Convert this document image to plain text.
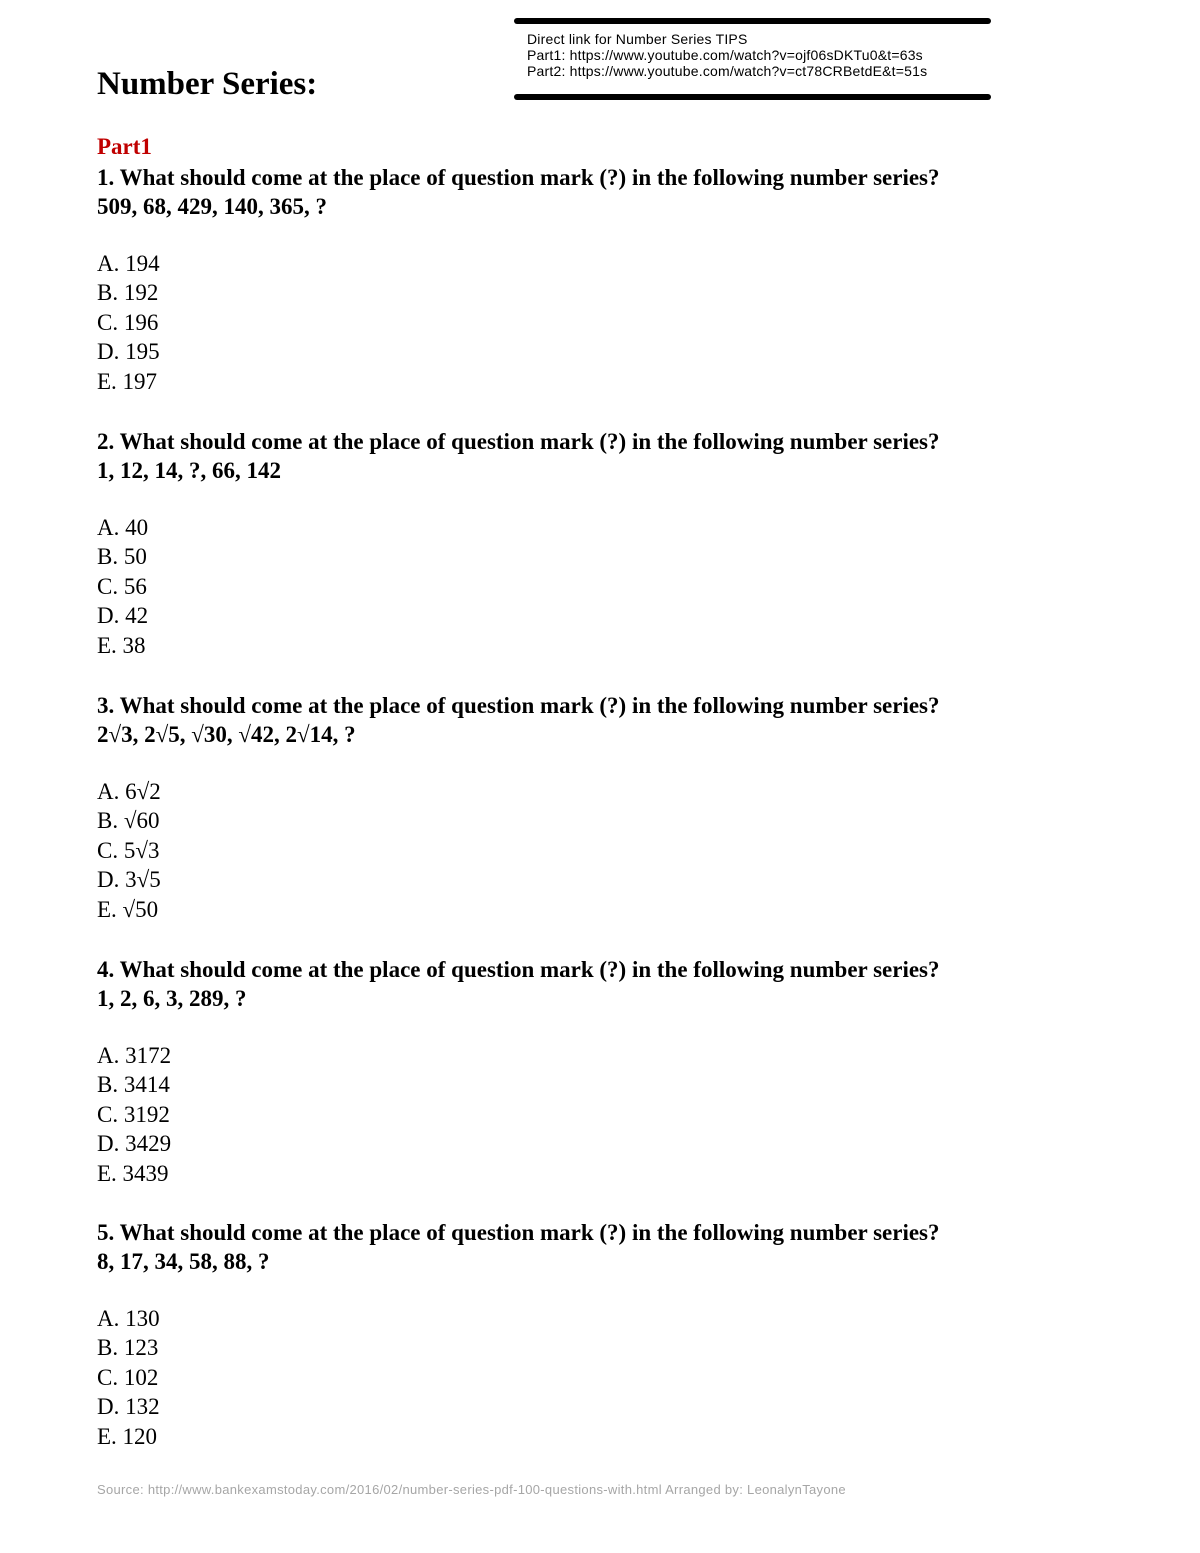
Number Series:
Direct link for Number Series TIPS
Part1: https://www.youtube.com/watch?v=ojf06sDKTu0&t=63s
Part2: https://www.youtube.com/watch?v=ct78CRBetdE&t=51s
Part1
1. What should come at the place of question mark (?) in the following number series?
509, 68, 429, 140, 365, ?
A. 194
B. 192
C. 196
D. 195
E. 197
2. What should come at the place of question mark (?) in the following number series?
1, 12, 14, ?, 66, 142
A. 40
B. 50
C. 56
D. 42
E. 38
3. What should come at the place of question mark (?) in the following number series?
2√3, 2√5, √30, √42, 2√14, ?
A. 6√2
B. √60
C. 5√3
D. 3√5
E. √50
4. What should come at the place of question mark (?) in the following number series?
1, 2, 6, 3, 289, ?
A. 3172
B. 3414
C. 3192
D. 3429
E. 3439
5. What should come at the place of question mark (?) in the following number series?
8, 17, 34, 58, 88, ?
A. 130
B. 123
C. 102
D. 132
E. 120
Source: http://www.bankexamstoday.com/2016/02/number-series-pdf-100-questions-with.html Arranged by: LeonalynTayone
